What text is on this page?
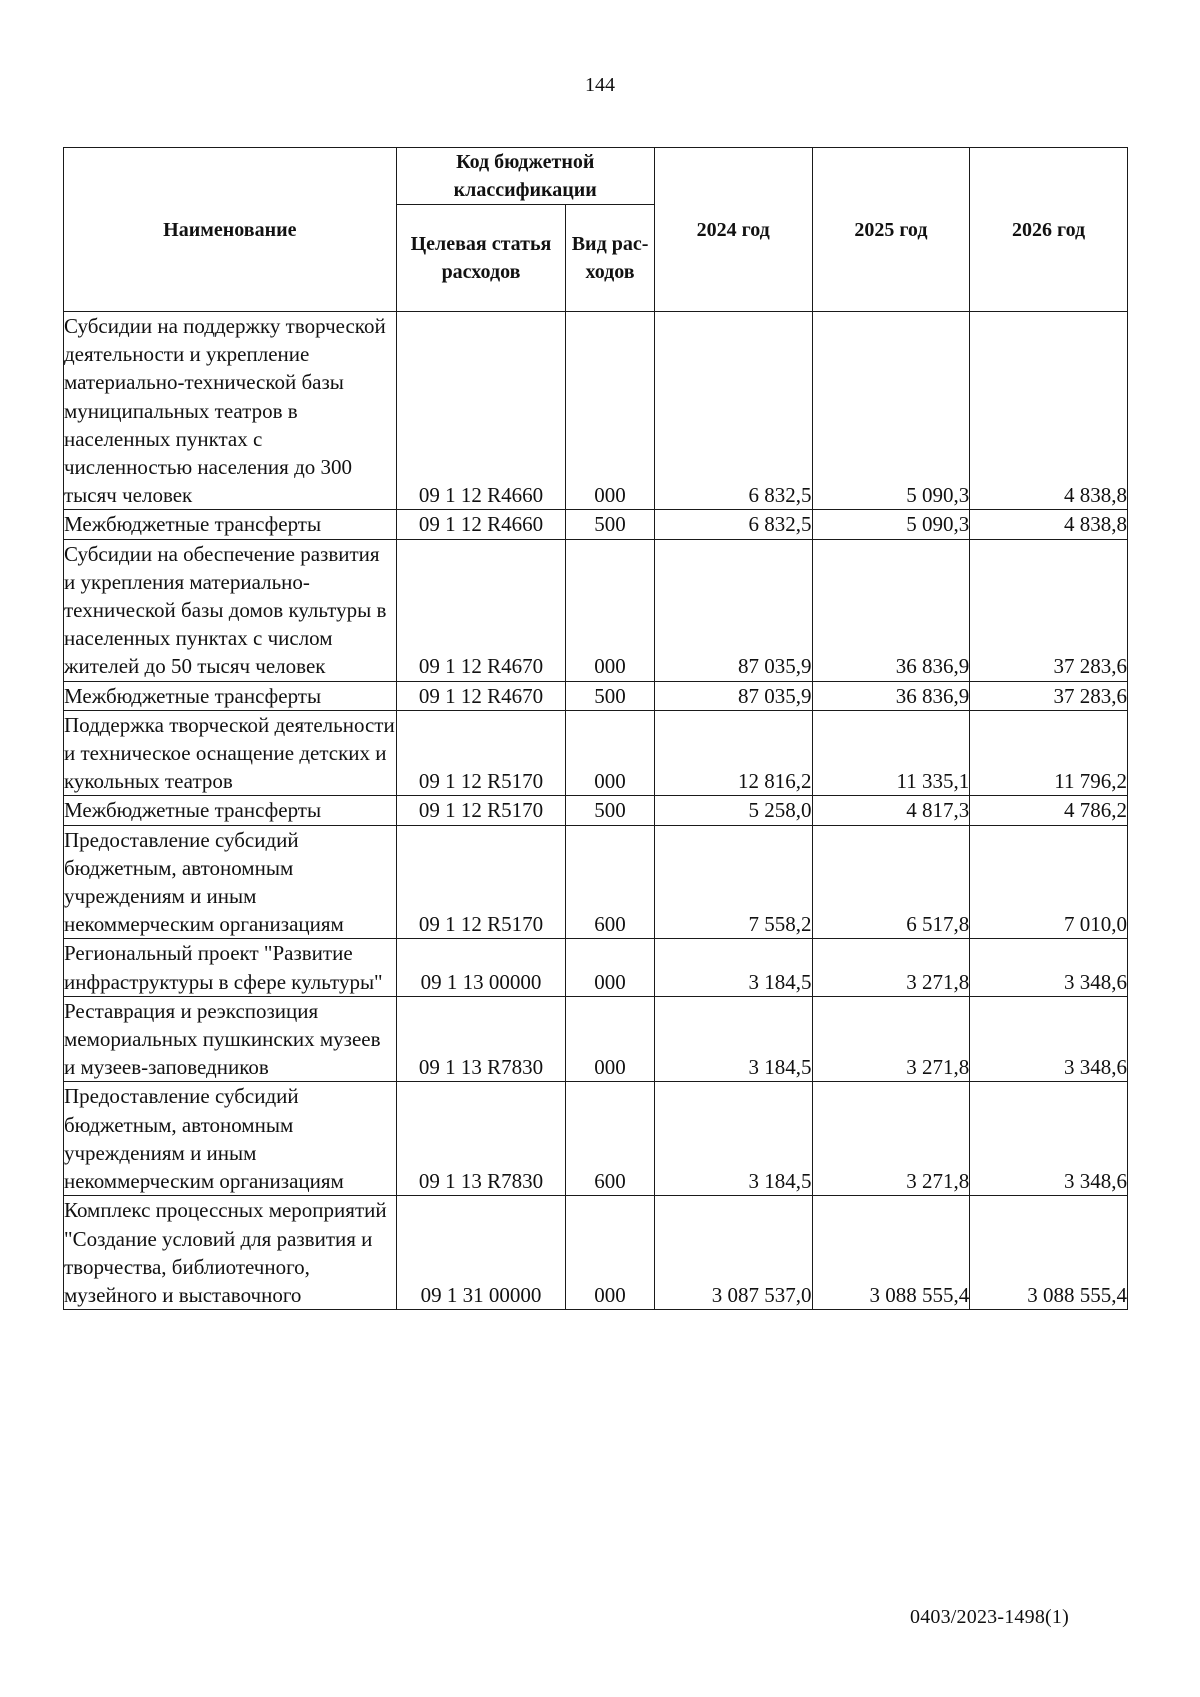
144
Наименование	Код бюджетной классификации		2024 год	2025 год	2026 год
	Целевая статья расходов	Вид рас-ходов			
Субсидии на поддержку творческой деятельности и укрепление материально-технической базы муниципальных театров в населенных пунктах с численностью населения до 300 тысяч человек	09 1 12 R4660	000	6 832,5	5 090,3	4 838,8
Межбюджетные трансферты	09 1 12 R4660	500	6 832,5	5 090,3	4 838,8
Субсидии на обеспечение развития и укрепления материально-технической базы домов культуры в населенных пунктах с числом жителей до 50 тысяч человек	09 1 12 R4670	000	87 035,9	36 836,9	37 283,6
Межбюджетные трансферты	09 1 12 R4670	500	87 035,9	36 836,9	37 283,6
Поддержка творческой деятельности и техническое оснащение детских и кукольных театров	09 1 12 R5170	000	12 816,2	11 335,1	11 796,2
Межбюджетные трансферты	09 1 12 R5170	500	5 258,0	4 817,3	4 786,2
Предоставление субсидий бюджетным, автономным учреждениям и иным некоммерческим организациям	09 1 12 R5170	600	7 558,2	6 517,8	7 010,0
Региональный проект "Развитие инфраструктуры в сфере культуры"	09 1 13 00000	000	3 184,5	3 271,8	3 348,6
Реставрация и реэкспозиция мемориальных пушкинских музеев и музеев-заповедников	09 1 13 R7830	000	3 184,5	3 271,8	3 348,6
Предоставление субсидий бюджетным, автономным учреждениям и иным некоммерческим организациям	09 1 13 R7830	600	3 184,5	3 271,8	3 348,6
Комплекс процессных мероприятий "Создание условий для развития и творчества, библиотечного, музейного и выставочного	09 1 31 00000	000	3 087 537,0	3 088 555,4	3 088 555,4
0403/2023-1498(1)
